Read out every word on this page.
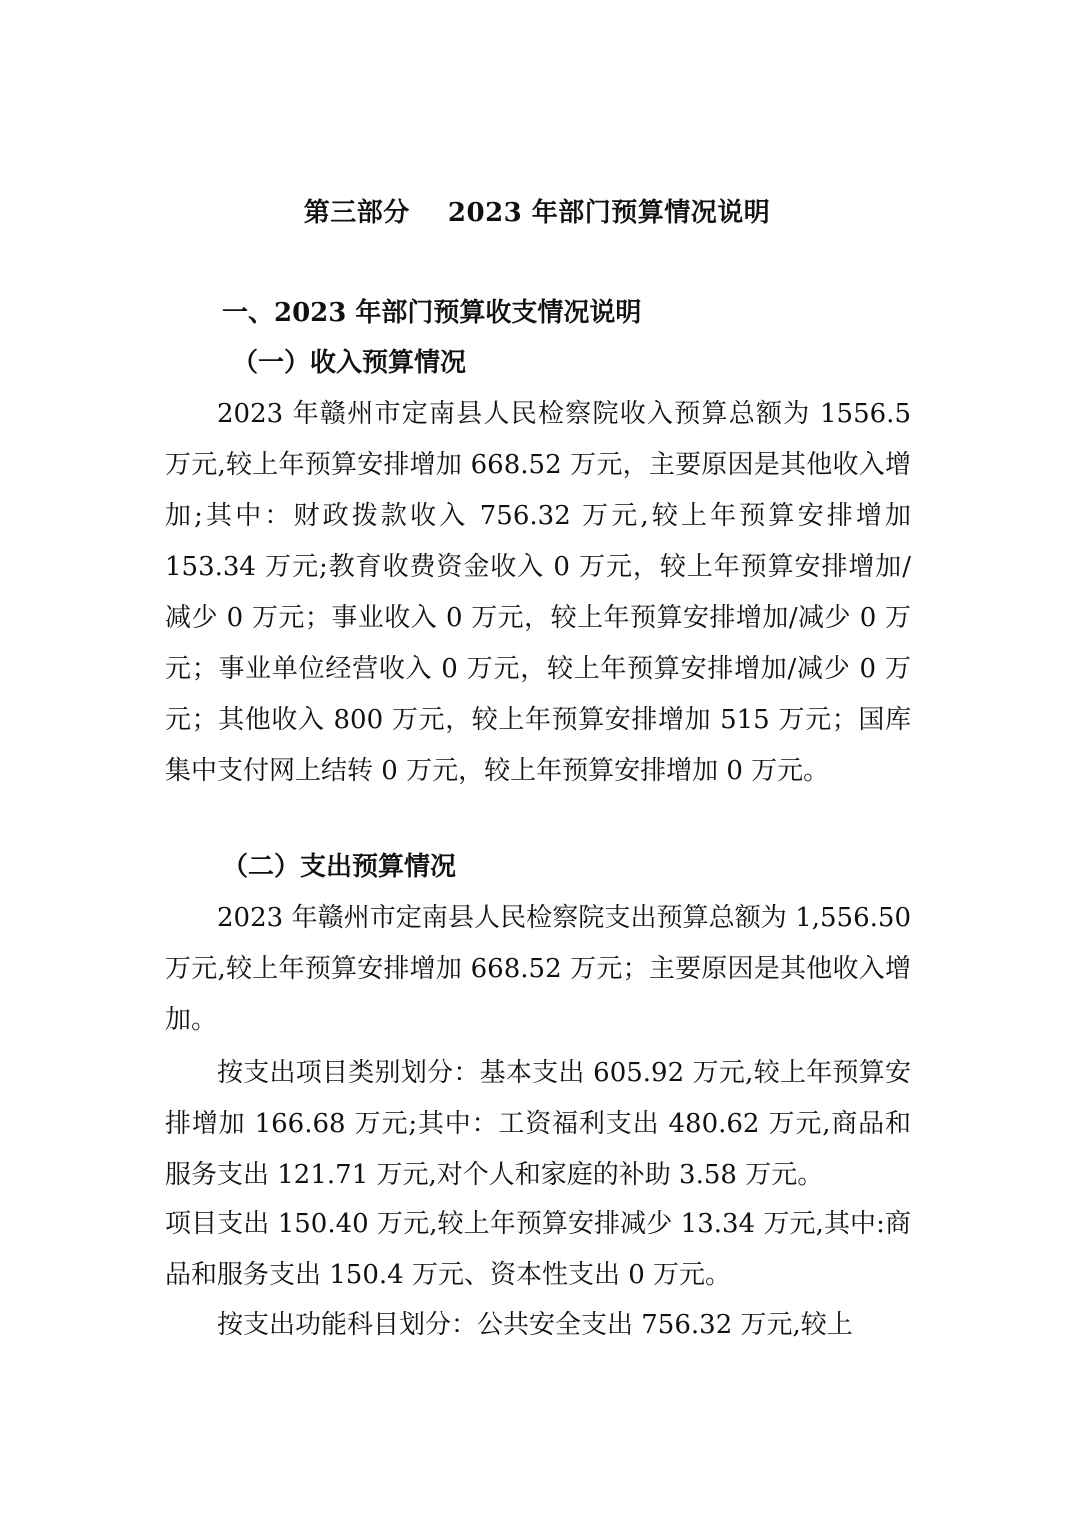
第三部分    2023 年部门预算情况说明
一、2023 年部门预算收支情况说明
（一）收入预算情况

2023 年赣州市定南县人民检察院收入预算总额为 1556.5 万元,较上年预算安排增加 668.52 万元，主要原因是其他收入增加;其中：财政拨款收入 756.32 万元,较上年预算安排增加 153.34 万元;教育收费资金收入 0 万元，较上年预算安排增加/减少 0 万元；事业收入 0 万元，较上年预算安排增加/减少 0 万元；事业单位经营收入 0 万元，较上年预算安排增加/减少 0 万元；其他收入 800 万元，较上年预算安排增加 515 万元；国库集中支付网上结转 0 万元，较上年预算安排增加 0 万元。

（二）支出预算情况

2023 年赣州市定南县人民检察院支出预算总额为 1,556.50 万元,较上年预算安排增加 668.52 万元；主要原因是其他收入增加。

按支出项目类别划分：基本支出 605.92 万元,较上年预算安排增加 166.68 万元;其中：工资福利支出 480.62 万元,商品和服务支出 121.71 万元,对个人和家庭的补助 3.58 万元。

项目支出 150.40 万元,较上年预算安排减少 13.34 万元,其中:商品和服务支出 150.4 万元、资本性支出 0 万元。

按支出功能科目划分：公共安全支出 756.32 万元,较上
